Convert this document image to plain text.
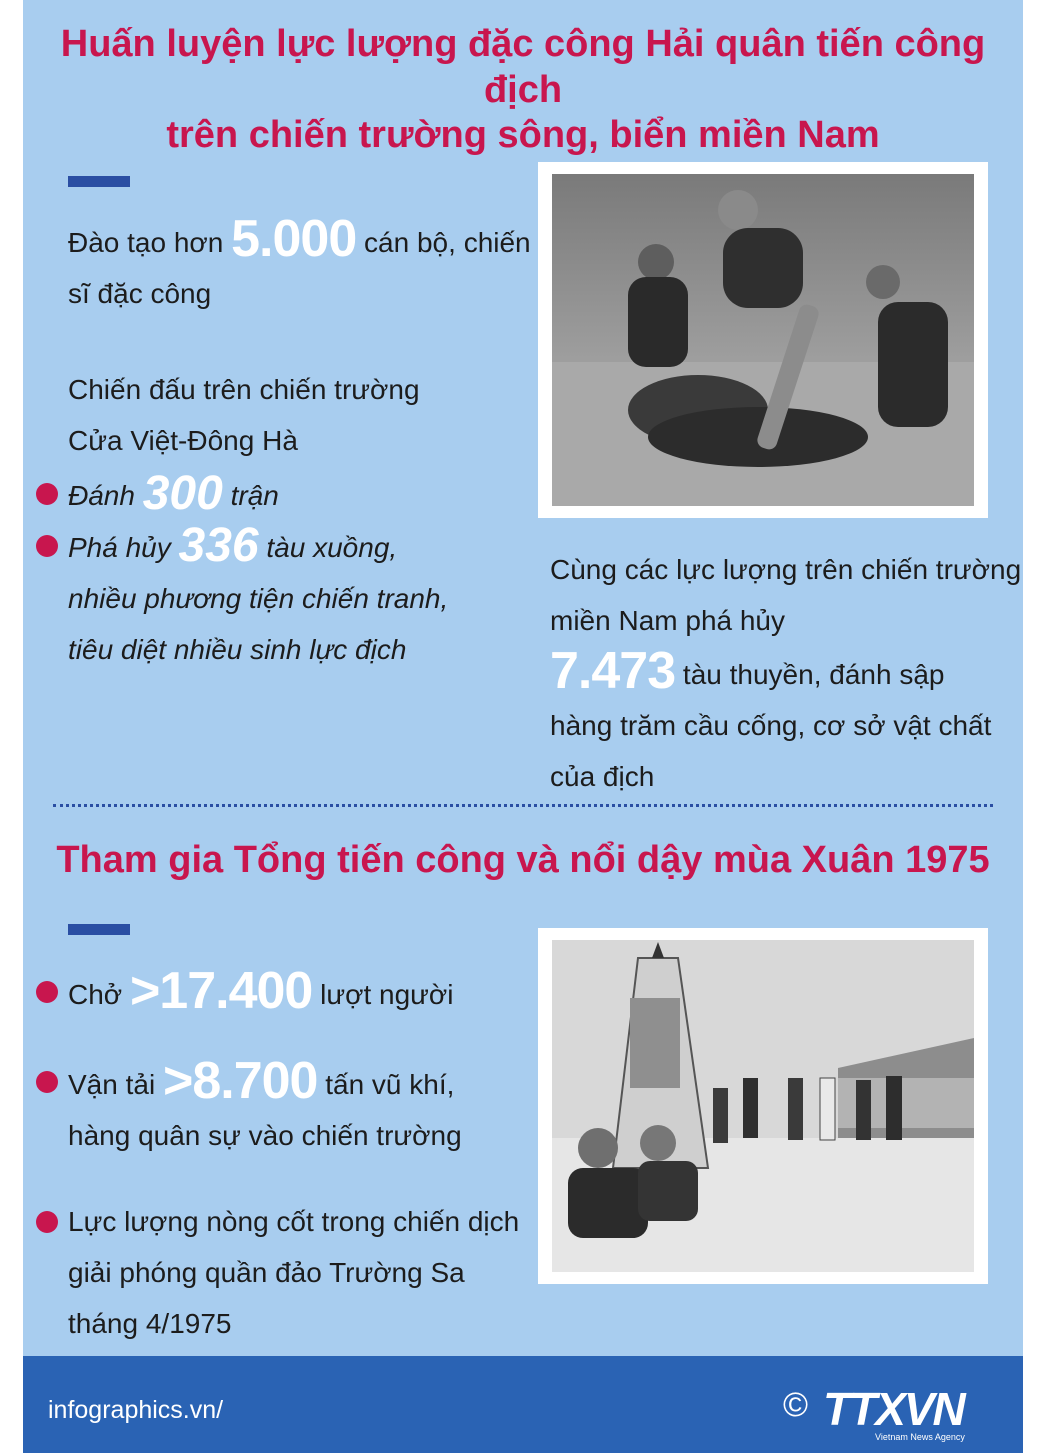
Huấn luyện lực lượng đặc công Hải quân tiến công địch
trên chiến trường sông, biển miền Nam
Đào tạo hơn 5.000 cán bộ, chiến
sĩ đặc công
Chiến đấu trên chiến trường
Cửa Việt-Đông Hà
Đánh 300 trận
Phá hủy 336 tàu xuồng,
nhiều phương tiện chiến tranh,
tiêu diệt nhiều sinh lực địch
Cùng các lực lượng trên chiến trường
miền Nam phá hủy
7.473 tàu thuyền, đánh sập
hàng trăm cầu cống, cơ sở vật chất
của địch
Tham gia Tổng tiến công và nổi dậy mùa Xuân 1975
Chở >17.400 lượt người
Vận tải >8.700 tấn vũ khí,
hàng quân sự vào chiến trường
Lực lượng nòng cốt trong chiến dịch
giải phóng quần đảo Trường Sa
tháng 4/1975
infographics.vn/	© TTXVN
Vietnam News Agency
